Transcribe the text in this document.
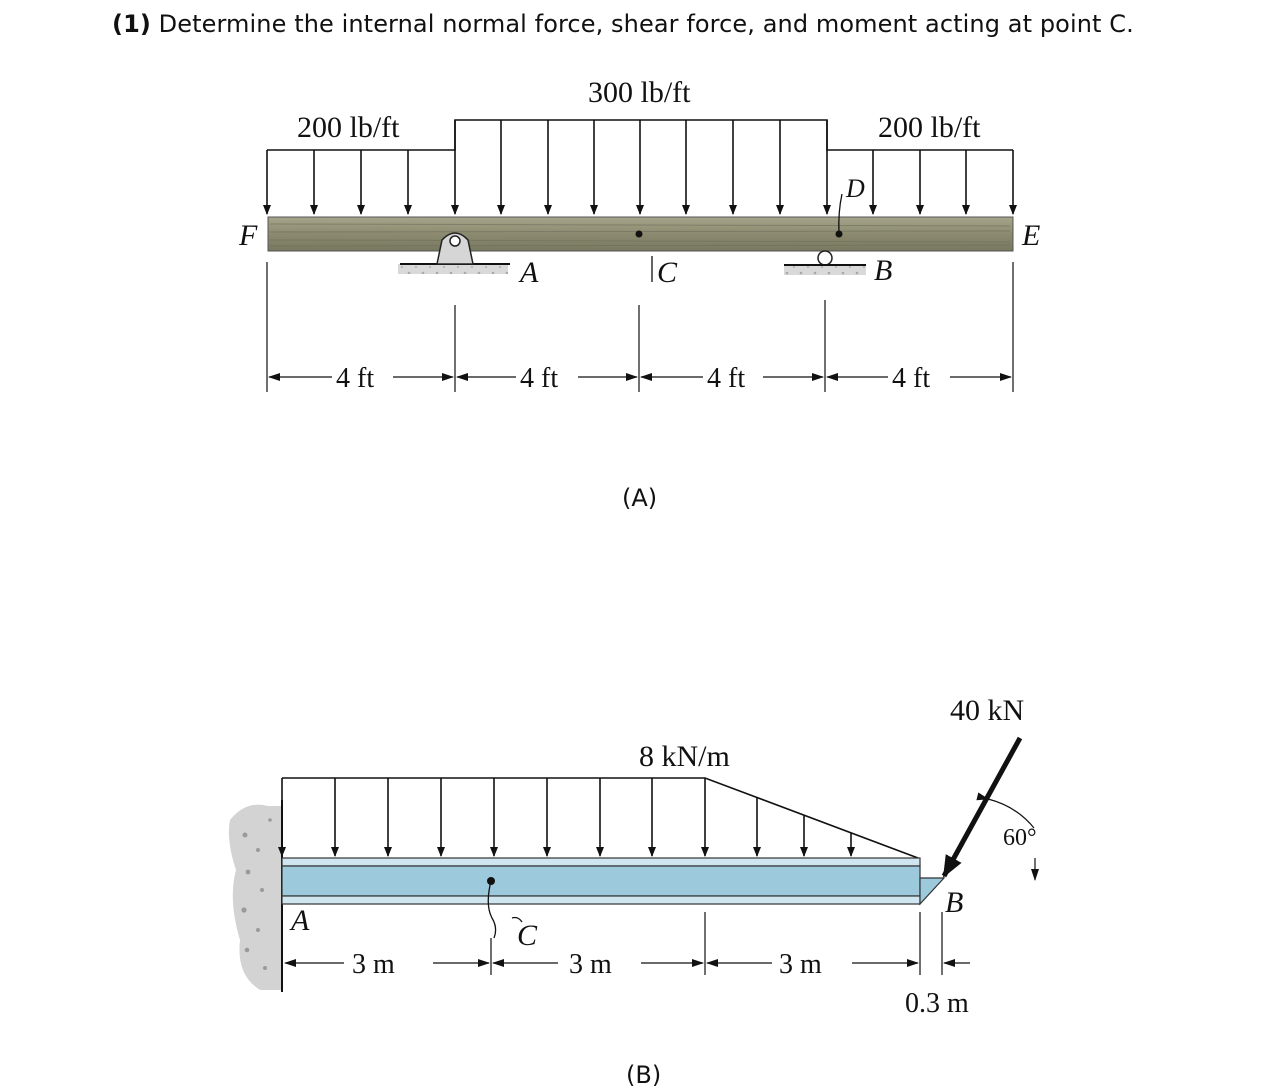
(1) Determine the internal normal force, shear force, and moment acting at point C.
200 lb/ft
300 lb/ft
200 lb/ft
F
A	C
D
B
E
4 ft	4 ft	4 ft	4 ft
(A)
8 kN/m
40 kN
60°
A	C
B
3 m	3 m	3 m
0.3 m
(B)
